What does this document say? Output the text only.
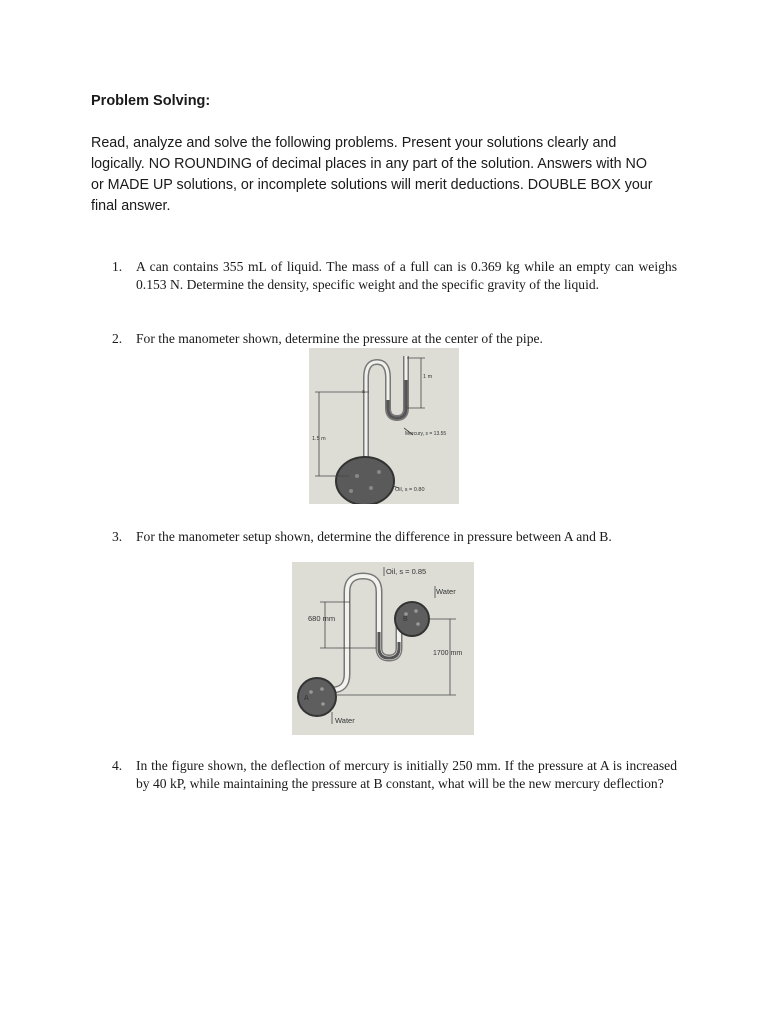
Problem Solving:
Read, analyze and solve the following problems. Present your solutions clearly and logically. NO ROUNDING of decimal places in any part of the solution. Answers with NO or MADE UP solutions, or incomplete solutions will merit deductions. DOUBLE BOX your final answer.
1.	A can contains 355 mL of liquid. The mass of a full can is 0.369 kg while an empty can weighs 0.153 N. Determine the density, specific weight and the specific gravity of the liquid.
2.	For the manometer shown, determine the pressure at the center of the pipe.
1 m
1.5 m
Mercury, s = 13.55
Oil, s = 0.80
a
3.	For the manometer setup shown, determine the difference in pressure between A and B.
Oil, s = 0.85
Water
680 mm
1700 mm
Water
A
B
4.	In the figure shown, the deflection of mercury is initially 250 mm. If the pressure at A is increased by 40 kP, while maintaining the pressure at B constant, what will be the new mercury deflection?
